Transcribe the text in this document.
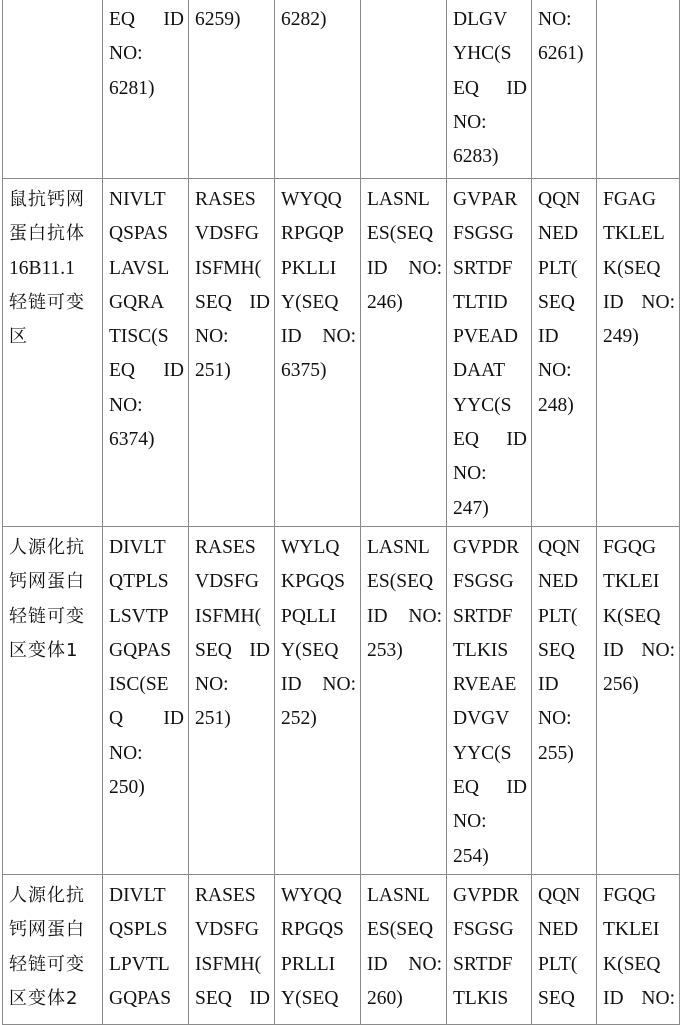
EQ ID
NO:
6281)

6259)	6282)		DLGV
YHC(S
EQ ID
NO:
6283)

NO:
6261)

鼠抗钙网
蛋白抗体
16B11.1
轻链可变
区

NIVLT
QSPAS
LAVSL
GQRA
TISC(S
EQ ID
NO:
6374)

RASES
VDSFG
ISFMH(
SEQ ID
NO:
251)

WYQQ
RPGQP
PKLLI
Y(SEQ
ID NO:
6375)

LASNL
ES(SEQ
ID NO:
246)

GVPAR
FSGSG
SRTDF
TLTID
PVEAD
DAAT
YYC(S
EQ ID
NO:
247)

QQN
NED
PLT(
SEQ
ID
NO:
248)

FGAG
TKLEL
K(SEQ
ID NO:
249)

人源化抗
钙网蛋白
轻链可变
区变体1

DIVLT
QTPLS
LSVTP
GQPAS
ISC(SE
Q ID
NO:
250)

RASES
VDSFG
ISFMH(
SEQ ID
NO:
251)

WYLQ
KPGQS
PQLLI
Y(SEQ
ID NO:
252)

LASNL
ES(SEQ
ID NO:
253)

GVPDR
FSGSG
SRTDF
TLKIS
RVEAE
DVGV
YYC(S
EQ ID
NO:
254)

QQN
NED
PLT(
SEQ
ID
NO:
255)

FGQG
TKLEI
K(SEQ
ID NO:
256)

人源化抗
钙网蛋白
轻链可变
区变体2

DIVLT
QSPLS
LPVTL
GQPAS

RASES
VDSFG
ISFMH(
SEQ ID

WYQQ
RPGQS
PRLLI
Y(SEQ

LASNL
ES(SEQ
ID NO:
260)

GVPDR
FSGSG
SRTDF
TLKIS

QQN
NED
PLT(
SEQ

FGQG
TKLEI
K(SEQ
ID NO:
